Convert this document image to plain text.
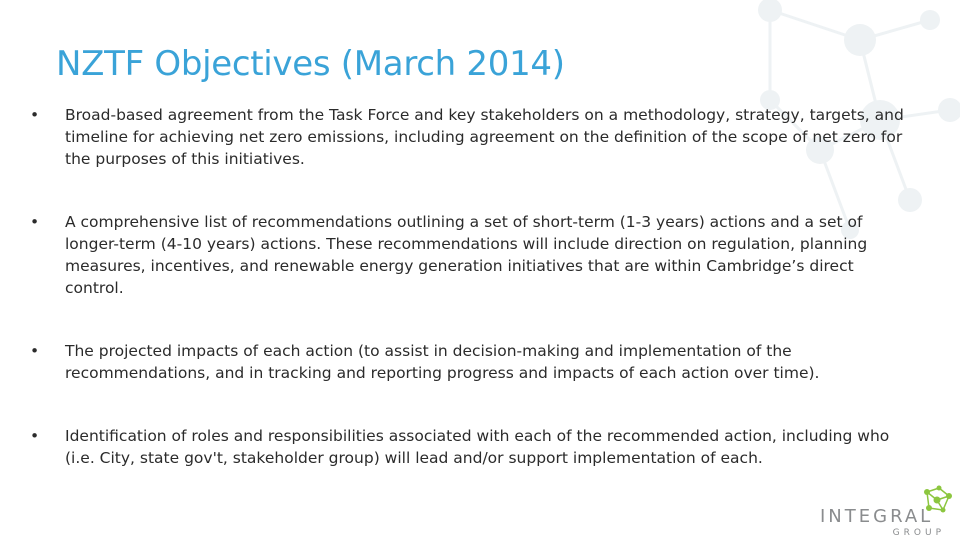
NZTF Objectives (March 2014)
• Broad-based agreement from the Task Force and key stakeholders on a methodology, strategy, targets, and timeline for achieving net zero emissions, including agreement on the definition of the scope of net zero for the purposes of this initiatives.
• A comprehensive list of recommendations outlining a set of short-term (1-3 years) actions and a set of longer-term (4-10 years) actions. These recommendations will include direction on regulation, planning measures, incentives, and renewable energy generation initiatives that are within Cambridge’s direct control.
• The projected impacts of each action (to assist in decision-making and implementation of the recommendations, and in tracking and reporting progress and impacts of each action over time).
• Identification of roles and responsibilities associated with each of the recommended action, including who (i.e. City, state gov't, stakeholder group) will lead and/or support implementation of each.
INTEGRAL
GROUP
